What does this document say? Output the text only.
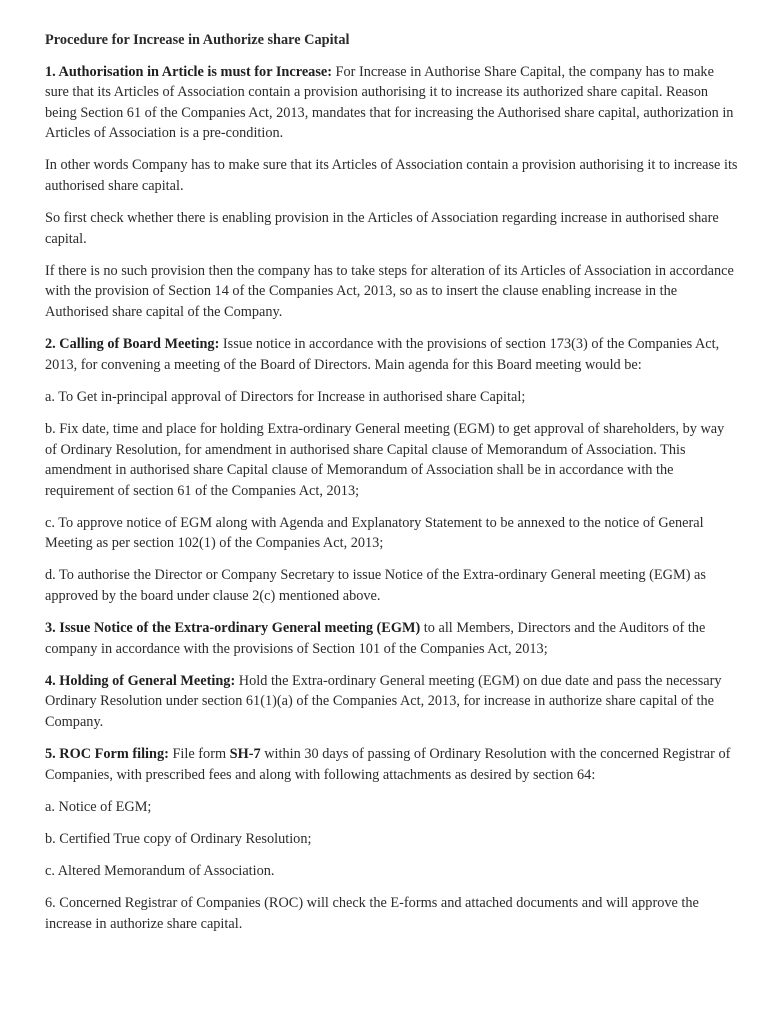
Procedure for Increase in Authorize share Capital

1. Authorisation in Article is must for Increase: For Increase in Authorise Share Capital, the company has to make sure that its Articles of Association contain a provision authorising it to increase its authorized share capital. Reason being Section 61 of the Companies Act, 2013, mandates that for increasing the Authorised share capital, authorization in Articles of Association is a pre-condition.

In other words Company has to make sure that its Articles of Association contain a provision authorising it to increase its authorised share capital.

So first check whether there is enabling provision in the Articles of Association regarding increase in authorised share capital.

If there is no such provision then the company has to take steps for alteration of its Articles of Association in accordance with the provision of Section 14 of the Companies Act, 2013, so as to insert the clause enabling increase in the Authorised share capital of the Company.

2. Calling of Board Meeting: Issue notice in accordance with the provisions of section 173(3) of the Companies Act, 2013, for convening a meeting of the Board of Directors. Main agenda for this Board meeting would be:

a. To Get in-principal approval of Directors for Increase in authorised share Capital;

b. Fix date, time and place for holding Extra-ordinary General meeting (EGM) to get approval of shareholders, by way of Ordinary Resolution, for amendment in authorised share Capital clause of Memorandum of Association. This amendment in authorised share Capital clause of Memorandum of Association shall be in accordance with the requirement of section 61 of the Companies Act, 2013;

c. To approve notice of EGM along with Agenda and Explanatory Statement to be annexed to the notice of General Meeting as per section 102(1) of the Companies Act, 2013;

d. To authorise the Director or Company Secretary to issue Notice of the Extra-ordinary General meeting (EGM) as approved by the board under clause 2(c) mentioned above.

3. Issue Notice of the Extra-ordinary General meeting (EGM) to all Members, Directors and the Auditors of the company in accordance with the provisions of Section 101 of the Companies Act, 2013;

4. Holding of General Meeting: Hold the Extra-ordinary General meeting (EGM) on due date and pass the necessary Ordinary Resolution under section 61(1)(a) of the Companies Act, 2013, for increase in authorize share capital of the Company.

5. ROC Form filing: File form SH-7 within 30 days of passing of Ordinary Resolution with the concerned Registrar of Companies, with prescribed fees and along with following attachments as desired by section 64:

a. Notice of EGM;

b. Certified True copy of Ordinary Resolution;

c. Altered Memorandum of Association.

6. Concerned Registrar of Companies (ROC) will check the E-forms and attached documents and will approve the increase in authorize share capital.
